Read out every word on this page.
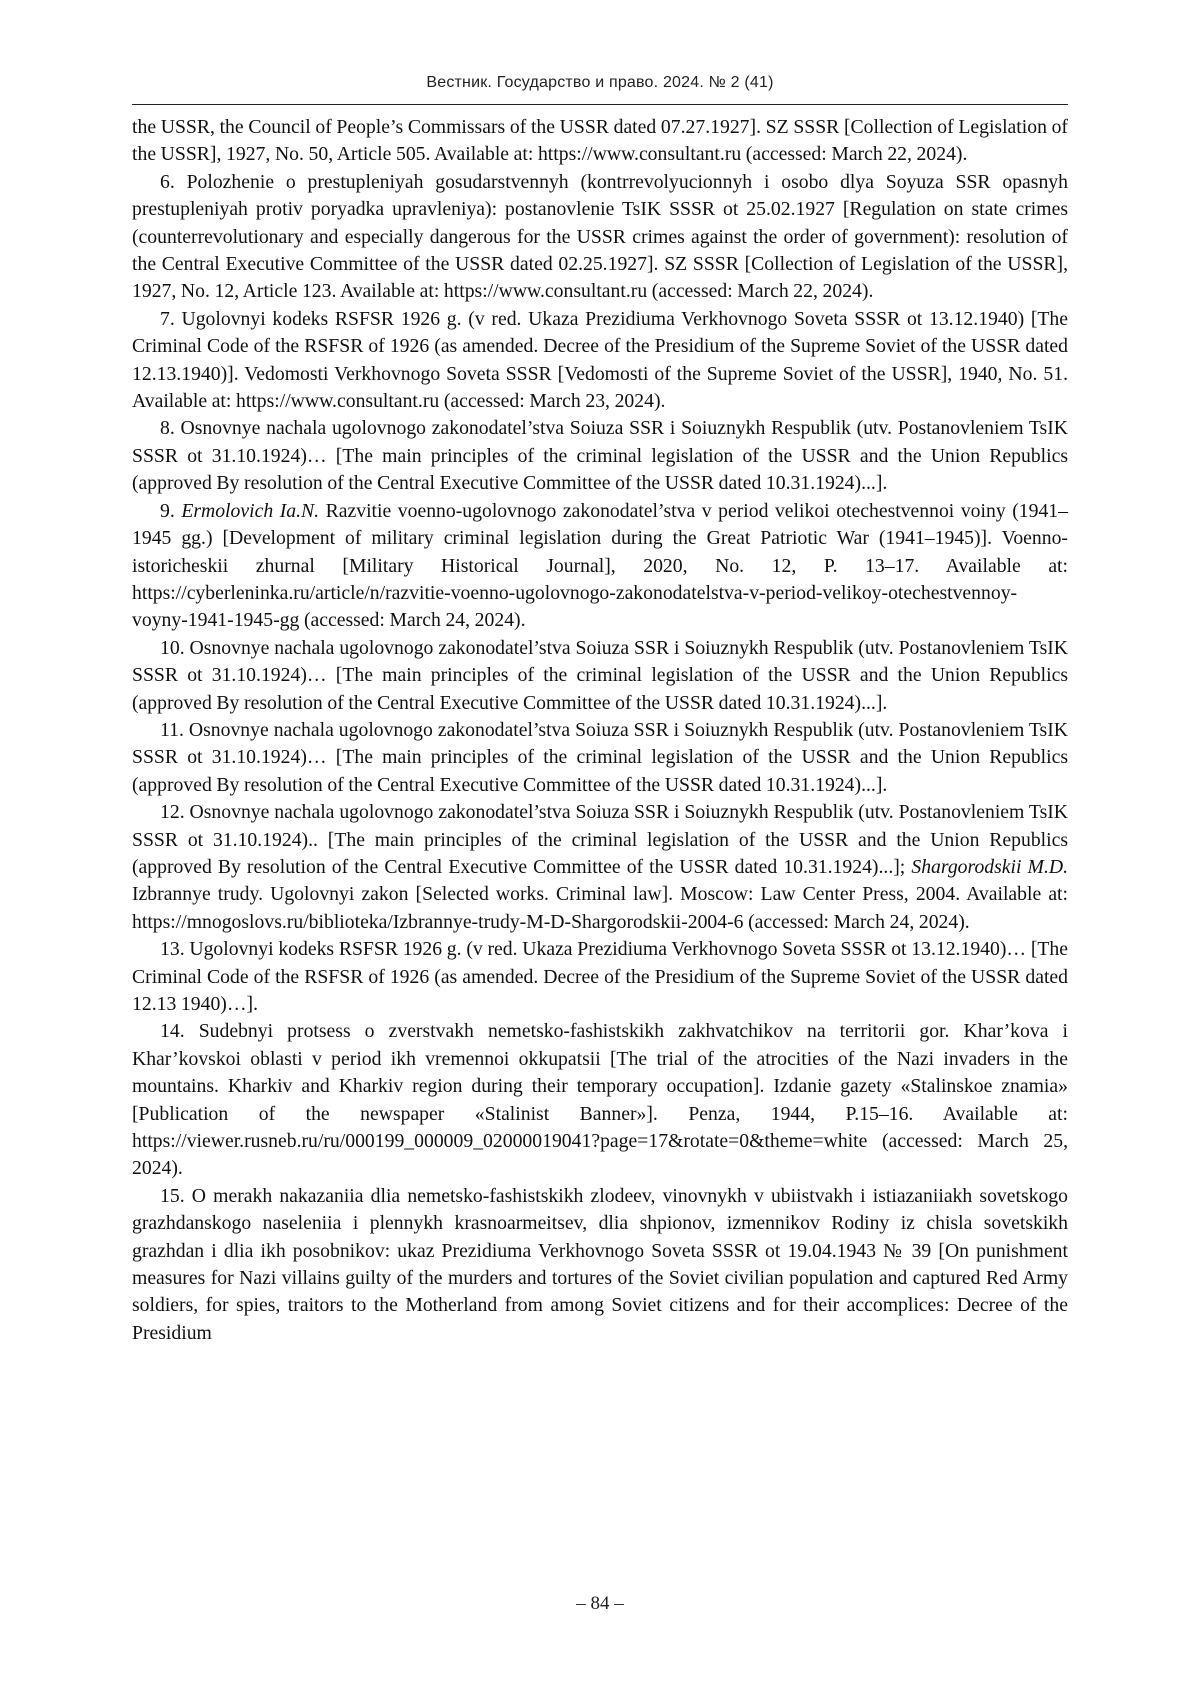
Вестник. Государство и право. 2024. № 2 (41)

the USSR, the Council of People’s Commissars of the USSR dated 07.27.1927]. SZ SSSR [Collection of Legislation of the USSR], 1927, No. 50, Article 505. Available at: https://www.consultant.ru (accessed: March 22, 2024).

6. Polozhenie o prestupleniyah gosudarstvennyh (kontrrevolyucionnyh i osobo dlya Soyuza SSR opasnyh prestupleniyah protiv poryadka upravleniya): postanovlenie TsIK SSSR ot 25.02.1927 [Regulation on state crimes (counterrevolutionary and especially dangerous for the USSR crimes against the order of government): resolution of the Central Executive Committee of the USSR dated 02.25.1927]. SZ SSSR [Collection of Legislation of the USSR], 1927, No. 12, Article 123. Available at: https://www.consultant.ru (accessed: March 22, 2024).

7. Ugolovnyi kodeks RSFSR 1926 g. (v red. Ukaza Prezidiuma Verkhovnogo Soveta SSSR ot 13.12.1940) [The Criminal Code of the RSFSR of 1926 (as amended. Decree of the Presidium of the Supreme Soviet of the USSR dated 12.13.1940)]. Vedomosti Verkhovnogo Soveta SSSR [Vedomosti of the Supreme Soviet of the USSR], 1940, No. 51. Available at: https://www.consultant.ru (accessed: March 23, 2024).

8. Osnovnye nachala ugolovnogo zakonodatel’stva Soiuza SSR i Soiuznykh Respublik (utv. Postanovleniem TsIK SSSR ot 31.10.1924)… [The main principles of the criminal legislation of the USSR and the Union Republics (approved By resolution of the Central Executive Committee of the USSR dated 10.31.1924)...].

9. Ermolovich Ia.N. Razvitie voenno-ugolovnogo zakonodatel’stva v period velikoi otechestvennoi voiny (1941–1945 gg.) [Development of military criminal legislation during the Great Patriotic War (1941–1945)]. Voenno-istoricheskii zhurnal [Military Historical Journal], 2020, No. 12, P. 13–17. Available at: https://cyberleninka.ru/article/n/razvitie-voenno-ugolovnogo-zakonodatelstva-v-period-velikoy-otechestvennoy-voyny-1941-1945-gg (accessed: March 24, 2024).

10. Osnovnye nachala ugolovnogo zakonodatel’stva Soiuza SSR i Soiuznykh Respublik (utv. Postanovleniem TsIK SSSR ot 31.10.1924)… [The main principles of the criminal legislation of the USSR and the Union Republics (approved By resolution of the Central Executive Committee of the USSR dated 10.31.1924)...].

11. Osnovnye nachala ugolovnogo zakonodatel’stva Soiuza SSR i Soiuznykh Respublik (utv. Postanovleniem TsIK SSSR ot 31.10.1924)… [The main principles of the criminal legislation of the USSR and the Union Republics (approved By resolution of the Central Executive Committee of the USSR dated 10.31.1924)...].

12. Osnovnye nachala ugolovnogo zakonodatel’stva Soiuza SSR i Soiuznykh Respublik (utv. Postanovleniem TsIK SSSR ot 31.10.1924).. [The main principles of the criminal legislation of the USSR and the Union Republics (approved By resolution of the Central Executive Committee of the USSR dated 10.31.1924)...]; Shargorodskii M.D. Izbrannye trudy. Ugolovnyi zakon [Selected works. Criminal law]. Moscow: Law Center Press, 2004. Available at: https://mnogoslovs.ru/biblioteka/Izbrannye-trudy-M-D-Shargorodskii-2004-6 (accessed: March 24, 2024).

13. Ugolovnyi kodeks RSFSR 1926 g. (v red. Ukaza Prezidiuma Verkhovnogo Soveta SSSR ot 13.12.1940)… [The Criminal Code of the RSFSR of 1926 (as amended. Decree of the Presidium of the Supreme Soviet of the USSR dated 12.13 1940)…].

14. Sudebnyi protsess o zverstvakh nemetsko-fashistskikh zakhvatchikov na territorii gor. Khar’kova i Khar’kovskoi oblasti v period ikh vremennoi okkupatsii [The trial of the atrocities of the Nazi invaders in the mountains. Kharkiv and Kharkiv region during their temporary occupation]. Izdanie gazety «Stalinskoe znamia» [Publication of the newspaper «Stalinist Banner»]. Penza, 1944, P.15–16. Available at: https://viewer.rusneb.ru/ru/000199_000009_02000019041?page=17&rotate=0&theme=white (accessed: March 25, 2024).

15. O merakh nakazaniia dlia nemetsko-fashistskikh zlodeev, vinovnykh v ubiistvakh i istiazaniiakh sovetskogo grazhdanskogo naseleniia i plennykh krasnoarmeitsev, dlia shpionov, izmennikov Rodiny iz chisla sovetskikh grazhdan i dlia ikh posobnikov: ukaz Prezidiuma Verkhovnogo Soveta SSSR ot 19.04.1943 № 39 [On punishment measures for Nazi villains guilty of the murders and tortures of the Soviet civilian population and captured Red Army soldiers, for spies, traitors to the Motherland from among Soviet citizens and for their accomplices: Decree of the Presidium

– 84 –
